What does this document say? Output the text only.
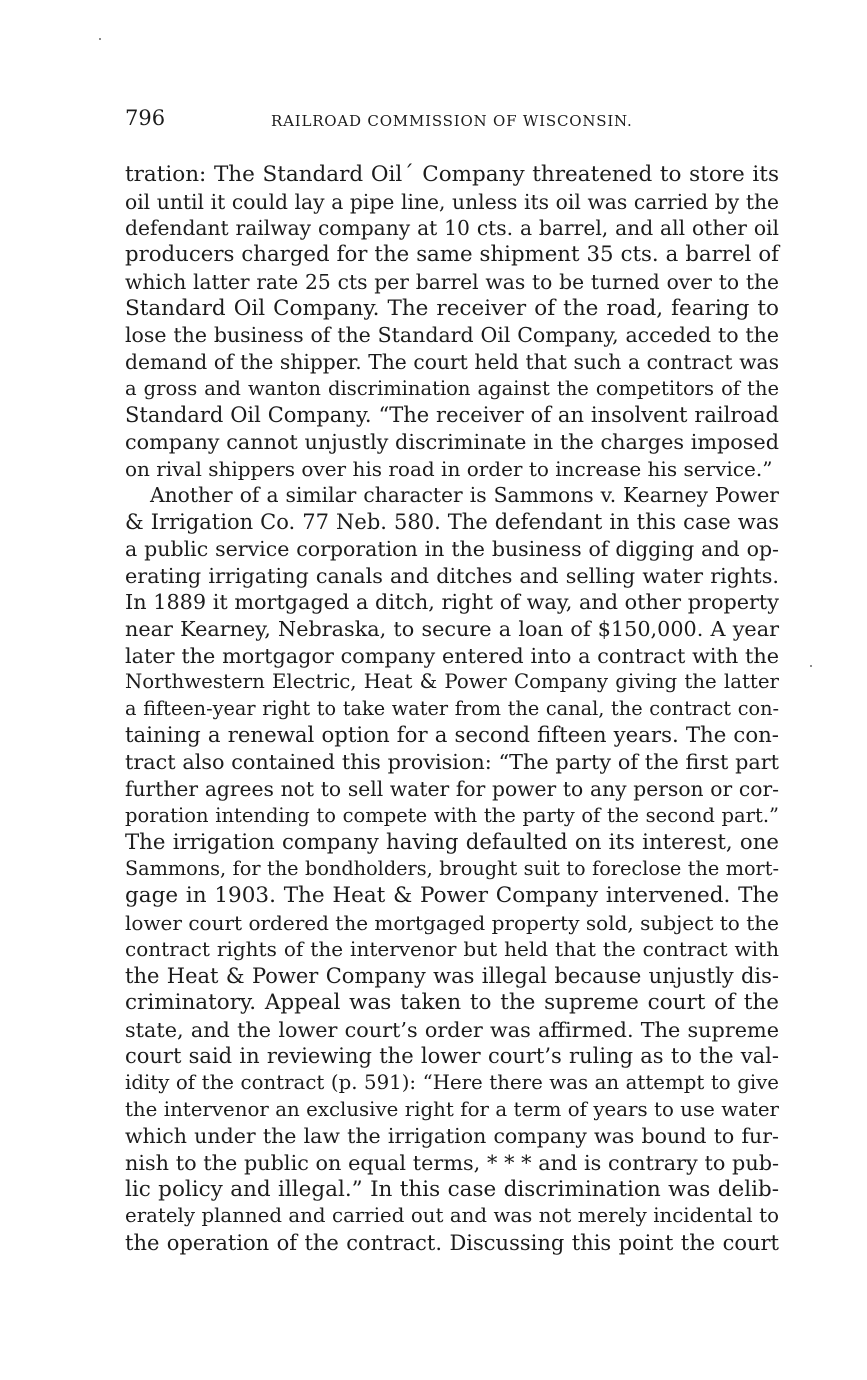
796	RAILROAD COMMISSION OF WISCONSIN.
tration: The Standard Oilˊ Company threatened to store its
oil until it could lay a pipe line, unless its oil was carried by the
defendant railway company at 10 cts. a barrel, and all other oil
producers charged for the same shipment 35 cts. a barrel of
which latter rate 25 cts per barrel was to be turned over to the
Standard Oil Company. The receiver of the road, fearing to
lose the business of the Standard Oil Company, acceded to the
demand of the shipper. The court held that such a contract was
a gross and wanton discrimination against the competitors of the
Standard Oil Company. “The receiver of an insolvent railroad
company cannot unjustly discriminate in the charges imposed
on rival shippers over his road in order to increase his service.”
Another of a similar character is Sammons v. Kearney Power
& Irrigation Co. 77 Neb. 580. The defendant in this case was
a public service corporation in the business of digging and op-
erating irrigating canals and ditches and selling water rights.
In 1889 it mortgaged a ditch, right of way, and other property
near Kearney, Nebraska, to secure a loan of $150,000. A year
later the mortgagor company entered into a contract with the
Northwestern Electric, Heat & Power Company giving the latter
a fifteen-year right to take water from the canal, the contract con-
taining a renewal option for a second fifteen years. The con-
tract also contained this provision: “The party of the first part
further agrees not to sell water for power to any person or cor-
poration intending to compete with the party of the second part.”
The irrigation company having defaulted on its interest, one
Sammons, for the bondholders, brought suit to foreclose the mort-
gage in 1903. The Heat & Power Company intervened. The
lower court ordered the mortgaged property sold, subject to the
contract rights of the intervenor but held that the contract with
the Heat & Power Company was illegal because unjustly dis-
criminatory. Appeal was taken to the supreme court of the
state, and the lower court’s order was affirmed. The supreme
court said in reviewing the lower court’s ruling as to the val-
idity of the contract (p. 591): “Here there was an attempt to give
the intervenor an exclusive right for a term of years to use water
which under the law the irrigation company was bound to fur-
nish to the public on equal terms, * * * and is contrary to pub-
lic policy and illegal.” In this case discrimination was delib-
erately planned and carried out and was not merely incidental to
the operation of the contract. Discussing this point the court
